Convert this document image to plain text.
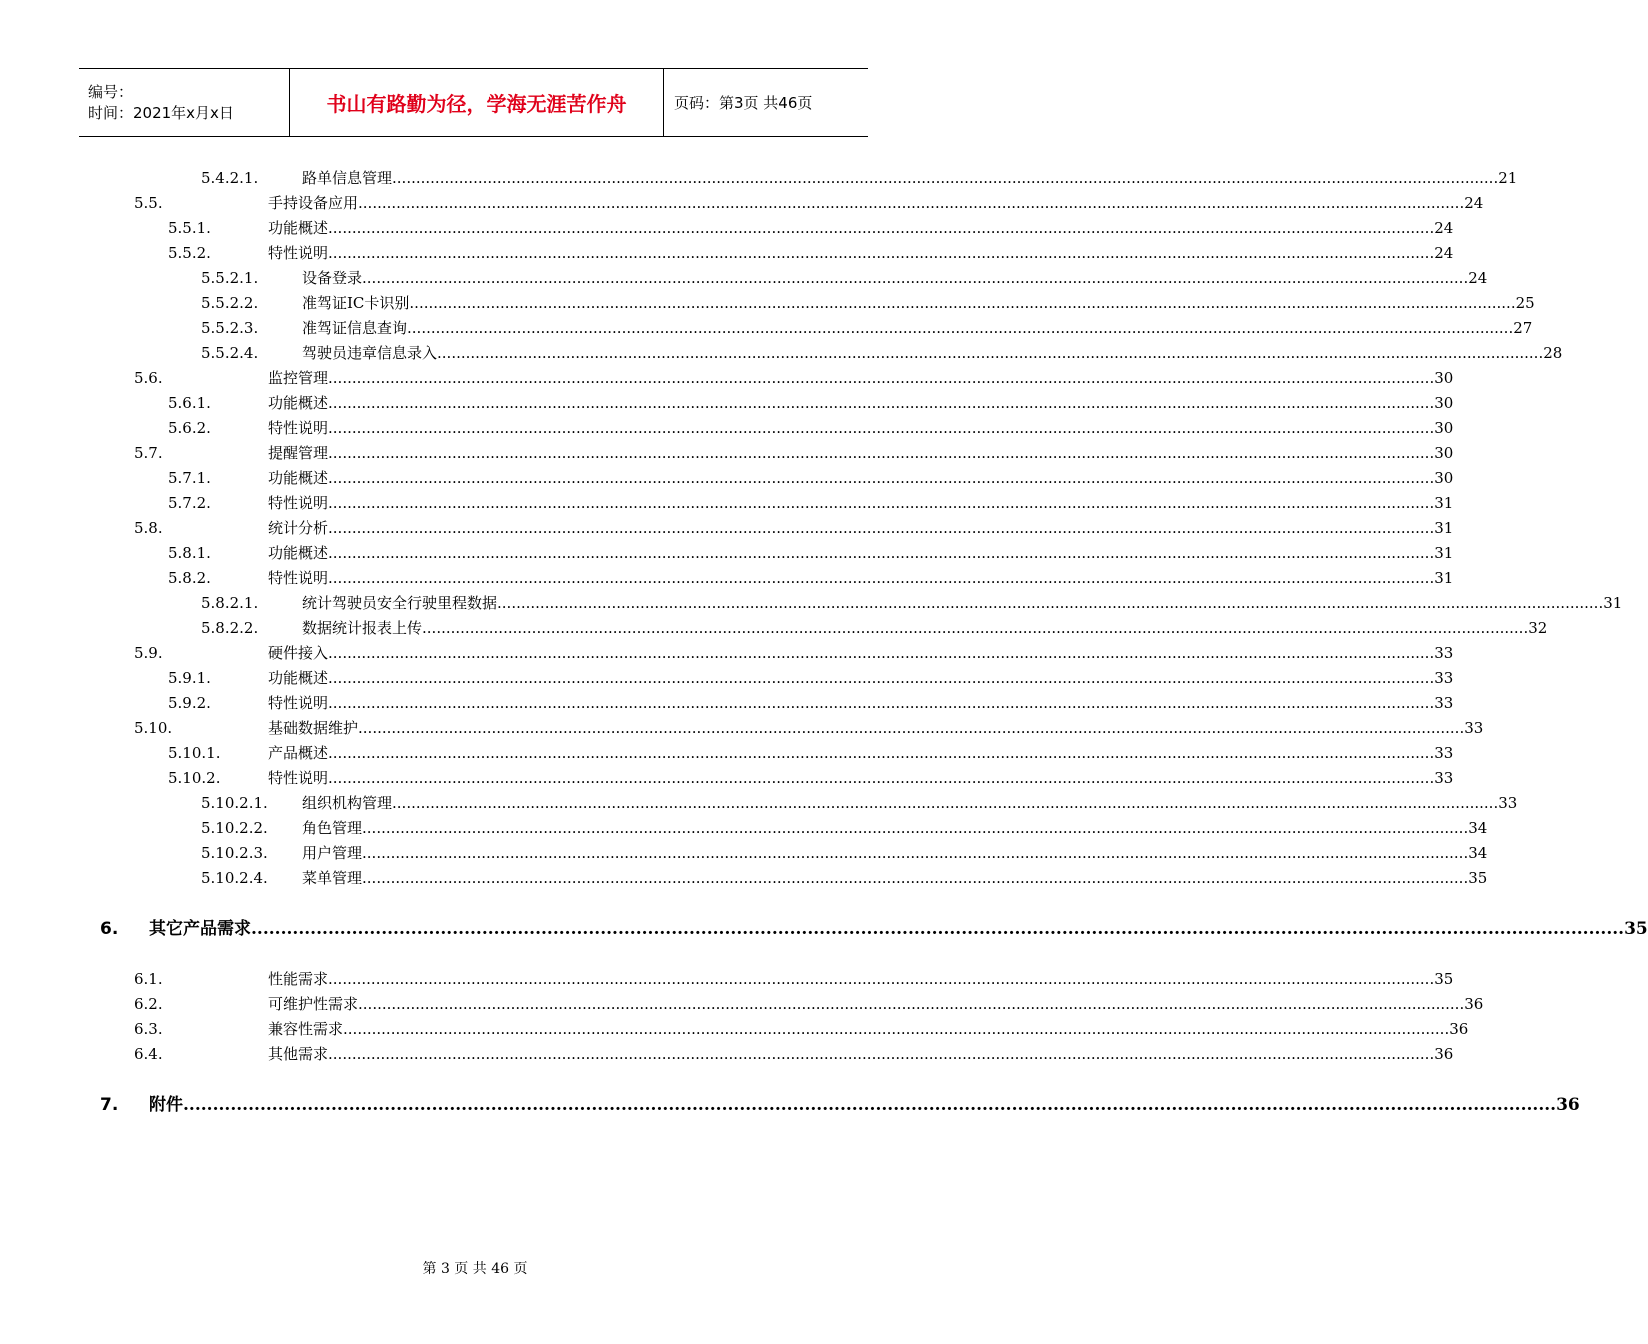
编号：
时间：2021年x月x日	书山有路勤为径，学海无涯苦作舟	页码：第3页 共46页
5.4.2.1.	路单信息管理 .....	21
5.5.	手持设备应用 .....	24
5.5.1.	功能概述 .....	24
5.5.2.	特性说明 .....	24
5.5.2.1.	设备登录 .....	24
5.5.2.2.	准驾证IC卡识别 .....	25
5.5.2.3.	准驾证信息查询 .....	27
5.5.2.4.	驾驶员违章信息录入 .....	28
5.6.	监控管理 .....	30
5.6.1.	功能概述 .....	30
5.6.2.	特性说明 .....	30
5.7.	提醒管理 .....	30
5.7.1.	功能概述 .....	30
5.7.2.	特性说明 .....	31
5.8.	统计分析 .....	31
5.8.1.	功能概述 .....	31
5.8.2.	特性说明 .....	31
5.8.2.1.	统计驾驶员安全行驶里程数据 .....	31
5.8.2.2.	数据统计报表上传 .....	32
5.9.	硬件接入 .....	33
5.9.1.	功能概述 .....	33
5.9.2.	特性说明 .....	33
5.10.	基础数据维护 .....	33
5.10.1.	产品概述 .....	33
5.10.2.	特性说明 .....	33
5.10.2.1. 组织机构管理 .....	33
5.10.2.2. 角色管理 .....	34
5.10.2.3. 用户管理 .....	34
5.10.2.4. 菜单管理 .....	35
6. 其它产品需求 .....	35
6.1.	性能需求 .....	35
6.2.	可维护性需求 .....	36
6.3.	兼容性需求 .....	36
6.4.	其他需求 .....	36
7. 附件 .....	36
第 3 页 共 46 页
